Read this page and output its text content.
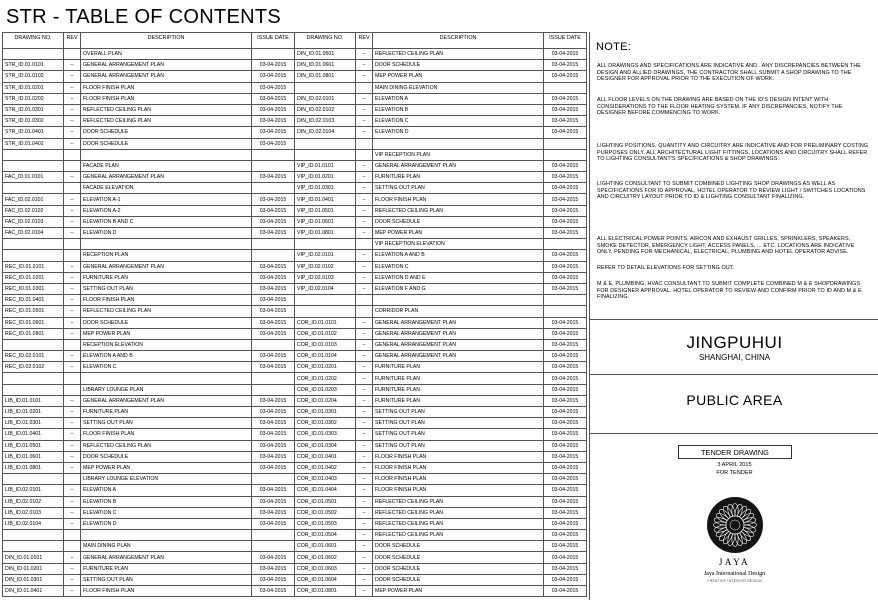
STR - TABLE OF CONTENTS
DRAWING NO.	REV	DESCRIPTION	ISSUE DATE
		OVERALL PLAN	
STR_ID.01.0101	–	GENERAL ARRANGEMENT PLAN	03-04-2015
STR_ID.01.0102	–	GENERAL ARRANGEMENT PLAN	03-04-2015
STR_ID.01.0201	–	FLOOR FINISH PLAN	03-04-2015
STR_ID.01.0202	–	FLOOR FINISH PLAN	03-04-2015
STR_ID.01.0301	–	REFLECTED CEILING PLAN	03-04-2015
STR_ID.01.0302	–	REFLECTED CEILING PLAN	03-04-2015
STR_ID.01.0401	–	DOOR SCHEDULE	03-04-2015
STR_ID.01.0402	–	DOOR SCHEDULE	03-04-2015

		FACADE PLAN	
FAC_ID.01.0101	–	GENERAL ARRANGEMENT PLAN	03-04-2015
		FACADE ELEVATION	
FAC_ID.02.0101	–	ELEVATION A-1	03-04-2015
FAC_ID.02.0102	–	ELEVATION A-2	03-04-2015
FAC_ID.02.0103	–	ELEVATION B AND C	03-04-2015
FAC_ID.02.0104	–	ELEVATION D	03-04-2015

		RECEPTION PLAN	
REC_ID.01.0101	–	GENERAL ARRANGEMENT PLAN	03-04-2015
REC_ID.01.0201	–	FURNITURE PLAN	03-04-2015
REC_ID.01.0301	–	SETTING OUT PLAN	03-04-2015
REC_ID.01.0401	–	FLOOR FINISH PLAN	03-04-2015
REC_ID.01.0501	–	REFLECTED CEILING PLAN	03-04-2015
REC_ID.01.0601	–	DOOR SCHEDULE	03-04-2015
REC_ID.01.0801	–	MEP POWER PLAN	03-04-2015
		RECEPTION ELEVATION	
REC_ID.02.0101	–	ELEVATION A AND B	03-04-2015
REC_ID.02.0102	–	ELEVATION C	03-04-2015

		LIBRARY LOUNGE PLAN	
LIB_ID.01.0101	–	GENERAL ARRANGEMENT PLAN	03-04-2015
LIB_ID.01.0201	–	FURNITURE PLAN	03-04-2015
LIB_ID.01.0301	–	SETTING OUT PLAN	03-04-2015
LIB_ID.01.0401	–	FLOOR FINISH PLAN	03-04-2015
LIB_ID.01.0501	–	REFLECTED CEILING PLAN	03-04-2015
LIB_ID.01.0601	–	DOOR SCHEDULE	03-04-2015
LIB_ID.01.0801	–	MEP POWER PLAN	03-04-2015
		LIBRARY LOUNGE ELEVATION	
LIB_ID.02.0101	–	ELEVATION A	03-04-2015
LIB_ID.02.0102	–	ELEVATION B	03-04-2015
LIB_ID.02.0103	–	ELEVATION C	03-04-2015
LIB_ID.02.0104	–	ELEVATION D	03-04-2015

		MAIN DINING PLAN	
DIN_ID.01.0101	–	GENERAL ARRANGEMENT PLAN	03-04-2015
DIN_ID.01.0201	–	FURNITURE PLAN	03-04-2015
DIN_ID.01.0301	–	SETTING OUT PLAN	03-04-2015
DIN_ID.01.0401	–	FLOOR FINISH PLAN	03-04-2015
DRAWING NO.	REV	DESCRIPTION	ISSUE DATE
DIN_ID.01.0501	–	REFLECTED CEILING PLAN	03-04-2015
DIN_ID.01.0601	–	DOOR SCHEDULE	03-04-2015
DIN_ID.01.0801	–	MEP POWER PLAN	03-04-2015
		MAIN DINING ELEVATION	
DIN_ID.02.0101	–	ELEVATION A	03-04-2015
DIN_ID.02.0102	–	ELEVATION B	03-04-2015
DIN_ID.02.0103	–	ELEVATION C	03-04-2015
DIN_ID.02.0104	–	ELEVATION D	03-04-2015

		VIP RECEPTION PLAN	
VIP_ID.01.0101	–	GENERAL ARRANGEMENT PLAN	03-04-2015
VIP_ID.01.0201	–	FURNITURE PLAN	03-04-2015
VIP_ID.01.0301	–	SETTING OUT PLAN	03-04-2015
VIP_ID.01.0401	–	FLOOR FINISH PLAN	03-04-2015
VIP_ID.01.0501	–	REFLECTED CEILING PLAN	03-04-2015
VIP_ID.01.0601	–	DOOR SCHEDULE	03-04-2015
VIP_ID.01.0801	–	MEP POWER PLAN	03-04-2015
		VIP RECEPTION ELEVATION	
VIP_ID.02.0101	–	ELEVATION A AND B	03-04-2015
VIP_ID.02.0102	–	ELEVATION C	03-04-2015
VIP_ID.02.0103	–	ELEVATION D AND E	03-04-2015
VIP_ID.02.0104	–	ELEVATION F AND G	03-04-2015

		CORRIDOR PLAN	
COR_ID.01.0101	–	GENERAL ARRANGEMENT PLAN	03-04-2015
COR_ID.01.0102	–	GENERAL ARRANGEMENT PLAN	03-04-2015
COR_ID.01.0103	–	GENERAL ARRANGEMENT PLAN	03-04-2015
COR_ID.01.0104	–	GENERAL ARRANGEMENT PLAN	03-04-2015
COR_ID.01.0201	–	FURNITURE PLAN	03-04-2015
COR_ID.01.0202	–	FURNITURE PLAN	03-04-2015
COR_ID.01.0203	–	FURNITURE PLAN	03-04-2015
COR_ID.01.0204	–	FURNITURE PLAN	03-04-2015
COR_ID.01.0301	–	SETTING OUT PLAN	03-04-2015
COR_ID.01.0302	–	SETTING OUT PLAN	03-04-2015
COR_ID.01.0303	–	SETTING OUT PLAN	03-04-2015
COR_ID.01.0304	–	SETTING OUT PLAN	03-04-2015
COR_ID.01.0401	–	FLOOR FINISH PLAN	03-04-2015
COR_ID.01.0402	–	FLOOR FINISH PLAN	03-04-2015
COR_ID.01.0403	–	FLOOR FINISH PLAN	03-04-2015
COR_ID.01.0404	–	FLOOR FINISH PLAN	03-04-2015
COR_ID.01.0501	–	REFLECTED CEILING PLAN	03-04-2015
COR_ID.01.0502	–	REFLECTED CEILING PLAN	03-04-2015
COR_ID.01.0503	–	REFLECTED CEILING PLAN	03-04-2015
COR_ID.01.0504	–	REFLECTED CEILING PLAN	03-04-2015
COR_ID.01.0601	–	DOOR SCHEDULE	03-04-2015
COR_ID.01.0602	–	DOOR SCHEDULE	03-04-2015
COR_ID.01.0603	–	DOOR SCHEDULE	03-04-2015
COR_ID.01.0604	–	DOOR SCHEDULE	03-04-2015
COR_ID.01.0801	–	MEP POWER PLAN	03-04-2015
NOTE:
ALL DRAWINGS AND SPECIFICATIONS ARE INDICATIVE AND . ANY DISCREPANCIES BETWEEN THE DESIGN AND ALLIED DRAWINGS, THE CONTRACTOR SHALL SUBMIT A SHOP DRAWING TO THE DESIGNER FOR APPROVAL PRIOR TO THE EXECUTION OF WORK.
ALL FLOOR LEVELS ON THE DRAWING ARE BASED ON THE ID'S DESIGN INTENT WITH CONSIDERATIONS TO THE FLOOR HEATING SYSTEM. IF ANY DISCREPANCIES, NOTIFY THE DESIGNER BEFORE COMMENCING TO WORK.
LIGHTING POSITIONS, QUANTITY AND CIRCUITRY ARE INDICATIVE AND FOR PRELIMINARY COSTING PURPOSES ONLY. ALL ARCHITECTURAL LIGHT FITTINGS, LOCATIONS AND CIRCUITRY SHALL REFER TO LIGHTING CONSULTANT'S SPECIFICATIONS & SHOP DRAWINGS.
LIGHTING CONSULTANT TO SUBMIT COMBINED LIGHTING SHOP DRAWINGS AS WELL AS SPECIFICATIONS FOR ID APPROVAL. HOTEL OPERATOR TO REVIEW LIGHT / SWITCHES LOCATIONS AND CIRCUITRY LAYOUT PRIOR TO ID & LIGHTING CONSULTANT FINALIZING.
ALL ELECTRICAL POWER POINTS, AIRCON AND EXHAUST GRILLES, SPRINKLERS, SPEAKERS, SMOKE DETECTOR, EMERGENCY LIGHT, ACCESS PANELS, ... ETC. LOCATIONS ARE INDICATIVE ONLY. PENDING FOR MECHANICAL, ELECTRICAL, PLUMBING AND HOTEL OPERATOR ADVISE.
REFER TO DETAIL ELEVATIONS FOR SETTING OUT.
M & E, PLUMBING, HVAC CONSULTANT TO SUBMIT COMPLETE COMBINED M & E SHOPDRAWINGS FOR DESIGNER APPROVAL. HOTEL OPERATOR TO REVIEW AND CONFIRM PRIOR TO ID AND M & E FINALIZING.
JINGPUHUI
SHANGHAI, CHINA
PUBLIC AREA
TENDER DRAWING
3 APRIL 2015
FOR TENDER
JAYA
Jaya International Design
CREATIVE INTERIOR DESIGN
